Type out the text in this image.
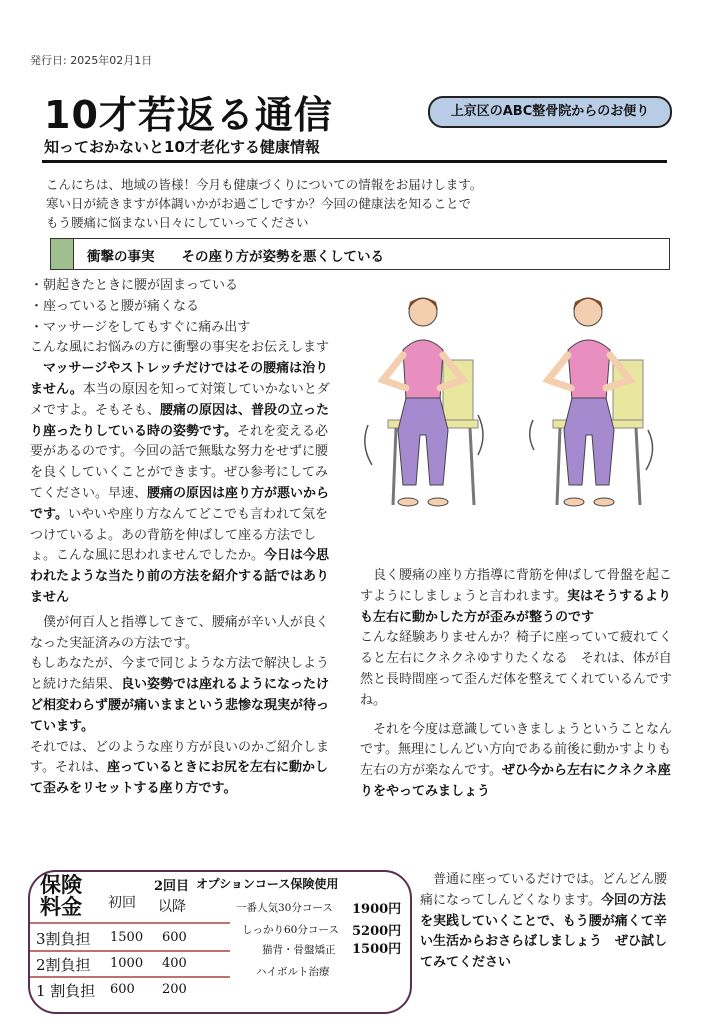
発行日: 2025年02月1日
10才若返る通信	上京区のABC整骨院からのお便り
知っておかないと10才老化する健康情報
こんにちは、地域の皆様！今月も健康づくりについての情報をお届けします。
寒い日が続きますが体調いかがお過ごしですか？今回の健康法を知ることで
もう腰痛に悩まない日々にしていってください
衝撃の事実　　その座り方が姿勢を悪くしている

・朝起きたときに腰が固まっている

・座っていると腰が痛くなる

・マッサージをしてもすぐに痛み出す

こんな風にお悩みの方に衝撃の事実をお伝えします

マッサージやストレッチだけではその腰痛は治りません。本当の原因を知って対策していかないとダメですよ。そもそも、腰痛の原因は、普段の立ったり座ったりしている時の姿勢です。それを変える必要があるのです。今回の話で無駄な努力をせずに腰を良くしていくことができます。ぜひ参考にしてみてください。早速、腰痛の原因は座り方が悪いからです。いやいや座り方なんてどこでも言われて気をつけているよ。あの背筋を伸ばして座る方法でしょ。こんな風に思われませんでしたか。今日は今思われたような当たり前の方法を紹介する話ではありません

僕が何百人と指導してきて、腰痛が辛い人が良くなった実証済みの方法です。

もしあなたが、今まで同じような方法で解決しようと続けた結果、良い姿勢では座れるようになったけど相変わらず腰が痛いままという悲惨な現実が待っています。

それでは、どのような座り方が良いのかご紹介します。それは、座っているときにお尻を左右に動かして歪みをリセットする座り方です。

良く腰痛の座り方指導に背筋を伸ばして骨盤を起こすようにしましょうと言われます。実はそうするよりも左右に動かした方が歪みが整うのです

こんな経験ありませんか？椅子に座っていて疲れてくると左右にクネクネゆすりたくなる　それは、体が自然と長時間座って歪んだ体を整えてくれているんですね。

それを今度は意識していきましょうということなんです。無理にしんどい方向である前後に動かすよりも左右の方が楽なんです。ぜひ今から左右にクネクネ座りをやってみましょう

普通に座っているだけでは。どんどん腰痛になってしんどくなります。今回の方法を実践していくことで、もう腰が痛くて辛い生活からおさらばしましょう　ぜひ試してみてください

保険
料金 初回
2回目
以降
オプションコース保険使用
3割負担 1500 600
2割負担 1000 400
1 割負担 600 200
一番人気30分コース 1900円
しっかり60分コース 5200円
猫背・骨盤矯正 1500円
ハイボルト治療
